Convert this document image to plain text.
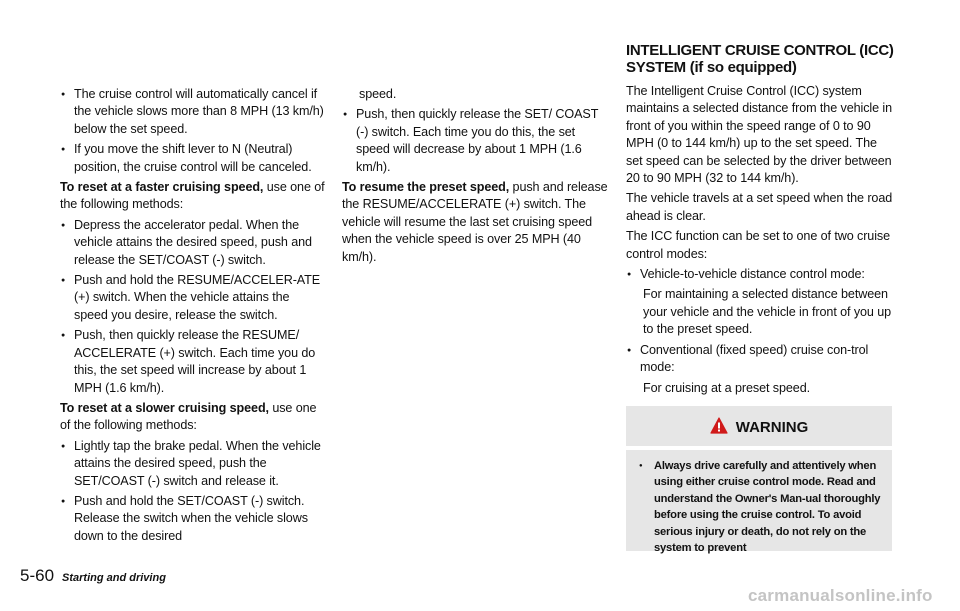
INTELLIGENT CRUISE CONTROL (ICC) SYSTEM (if so equipped)
● The cruise control will automatically cancel if the vehicle slows more than 8 MPH (13 km/h) below the set speed.
● If you move the shift lever to N (Neutral) position, the cruise control will be canceled.
To reset at a faster cruising speed, use one of the following methods:
● Depress the accelerator pedal. When the vehicle attains the desired speed, push and release the SET/COAST (-) switch.
● Push and hold the RESUME/ACCELER-ATE (+) switch. When the vehicle attains the speed you desire, release the switch.
● Push, then quickly release the RESUME/ ACCELERATE (+) switch. Each time you do this, the set speed will increase by about 1 MPH (1.6 km/h).
To reset at a slower cruising speed, use one of the following methods:
● Lightly tap the brake pedal. When the vehicle attains the desired speed, push the SET/COAST (-) switch and release it.
● Push and hold the SET/COAST (-) switch. Release the switch when the vehicle slows down to the desired
speed.
● Push, then quickly release the SET/ COAST (-) switch. Each time you do this, the set speed will decrease by about 1 MPH (1.6 km/h).
To resume the preset speed, push and release the RESUME/ACCELERATE (+) switch. The vehicle will resume the last set cruising speed when the vehicle speed is over 25 MPH (40 km/h).
The Intelligent Cruise Control (ICC) system maintains a selected distance from the vehicle in front of you within the speed range of 0 to 90 MPH (0 to 144 km/h) up to the set speed. The set speed can be selected by the driver between 20 to 90 MPH (32 to 144 km/h).
The vehicle travels at a set speed when the road ahead is clear.
The ICC function can be set to one of two cruise control modes:
● Vehicle-to-vehicle distance control mode:
For maintaining a selected distance between your vehicle and the vehicle in front of you up to the preset speed.
● Conventional (fixed speed) cruise con-trol mode:
For cruising at a preset speed.
WARNING
● Always drive carefully and attentively when using either cruise control mode. Read and understand the Owner's Man-ual thoroughly before using the cruise control. To avoid serious injury or death, do not rely on the system to prevent
5-60 Starting and driving
carmanualsonline.info
